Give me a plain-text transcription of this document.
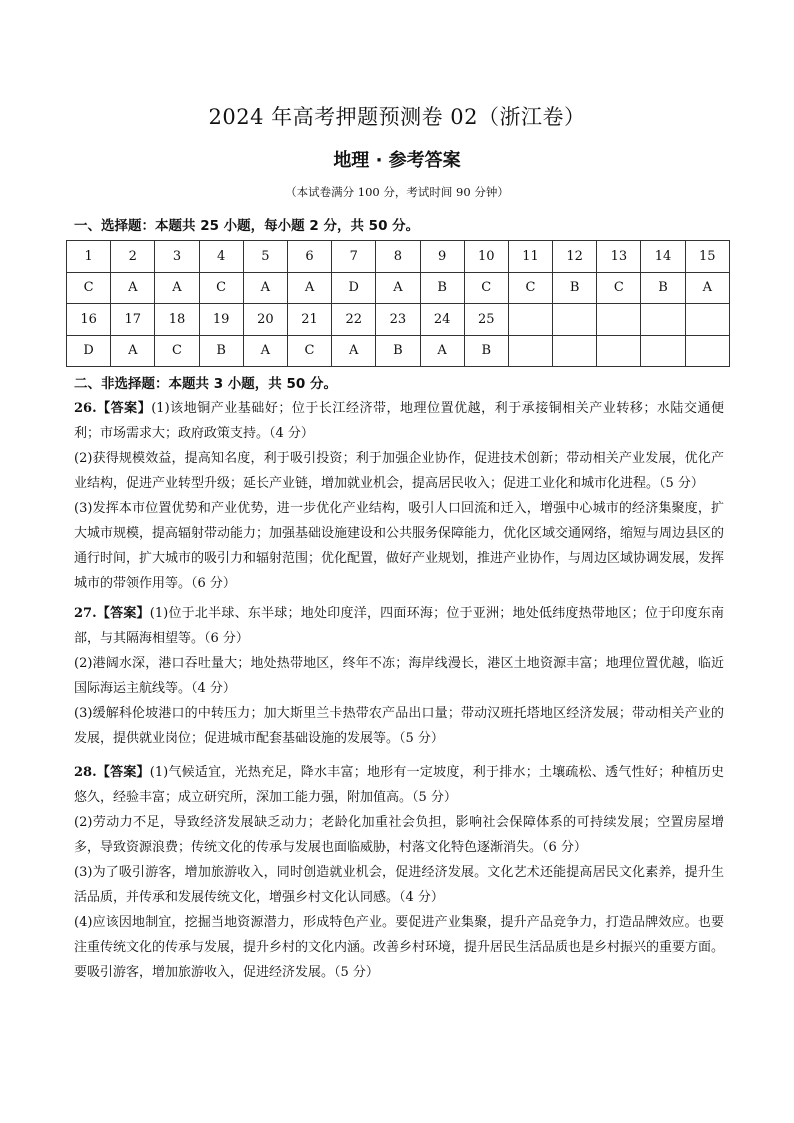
2024 年高考押题预测卷 02（浙江卷）
地理 · 参考答案
（本试卷满分 100 分，考试时间 90 分钟）
一、选择题：本题共 25 小题，每小题 2 分，共 50 分。
1	2	3	4	5	6	7	8	9	10	11	12	13	14	15
C	A	A	C	A	A	D	A	B	C	C	B	C	B	A
16	17	18	19	20	21	22	23	24	25					
D	A	C	B	A	C	A	B	A	B					
二、非选择题：本题共 3 小题，共 50 分。

26.【答案】(1)该地铜产业基础好；位于长江经济带，地理位置优越，利于承接铜相关产业转移；水陆交通便利；市场需求大；政府政策支持。（4 分）

(2)获得规模效益，提高知名度，利于吸引投资；利于加强企业协作，促进技术创新；带动相关产业发展，优化产业结构，促进产业转型升级；延长产业链，增加就业机会，提高居民收入；促进工业化和城市化进程。（5 分）

(3)发挥本市位置优势和产业优势，进一步优化产业结构，吸引人口回流和迁入，增强中心城市的经济集聚度，扩大城市规模，提高辐射带动能力；加强基础设施建设和公共服务保障能力，优化区域交通网络，缩短与周边县区的通行时间，扩大城市的吸引力和辐射范围；优化配置，做好产业规划，推进产业协作，与周边区域协调发展，发挥城市的带领作用等。（6 分）

27.【答案】(1)位于北半球、东半球；地处印度洋，四面环海；位于亚洲；地处低纬度热带地区；位于印度东南部，与其隔海相望等。（6 分）

(2)港阔水深，港口吞吐量大；地处热带地区，终年不冻；海岸线漫长，港区土地资源丰富；地理位置优越，临近国际海运主航线等。（4 分）

(3)缓解科伦坡港口的中转压力；加大斯里兰卡热带农产品出口量；带动汉班托塔地区经济发展；带动相关产业的发展，提供就业岗位；促进城市配套基础设施的发展等。（5 分）

28.【答案】(1)气候适宜，光热充足，降水丰富；地形有一定坡度，利于排水；土壤疏松、透气性好；种植历史悠久，经验丰富；成立研究所，深加工能力强，附加值高。（5 分）

(2)劳动力不足，导致经济发展缺乏动力；老龄化加重社会负担，影响社会保障体系的可持续发展；空置房屋增多，导致资源浪费；传统文化的传承与发展也面临威胁，村落文化特色逐渐消失。（6 分）

(3)为了吸引游客，增加旅游收入，同时创造就业机会，促进经济发展。文化艺术还能提高居民文化素养，提升生活品质，并传承和发展传统文化，增强乡村文化认同感。（4 分）

(4)应该因地制宜，挖掘当地资源潜力，形成特色产业。要促进产业集聚，提升产品竞争力，打造品牌效应。也要注重传统文化的传承与发展，提升乡村的文化内涵。改善乡村环境，提升居民生活品质也是乡村振兴的重要方面。要吸引游客，增加旅游收入，促进经济发展。（5 分）
